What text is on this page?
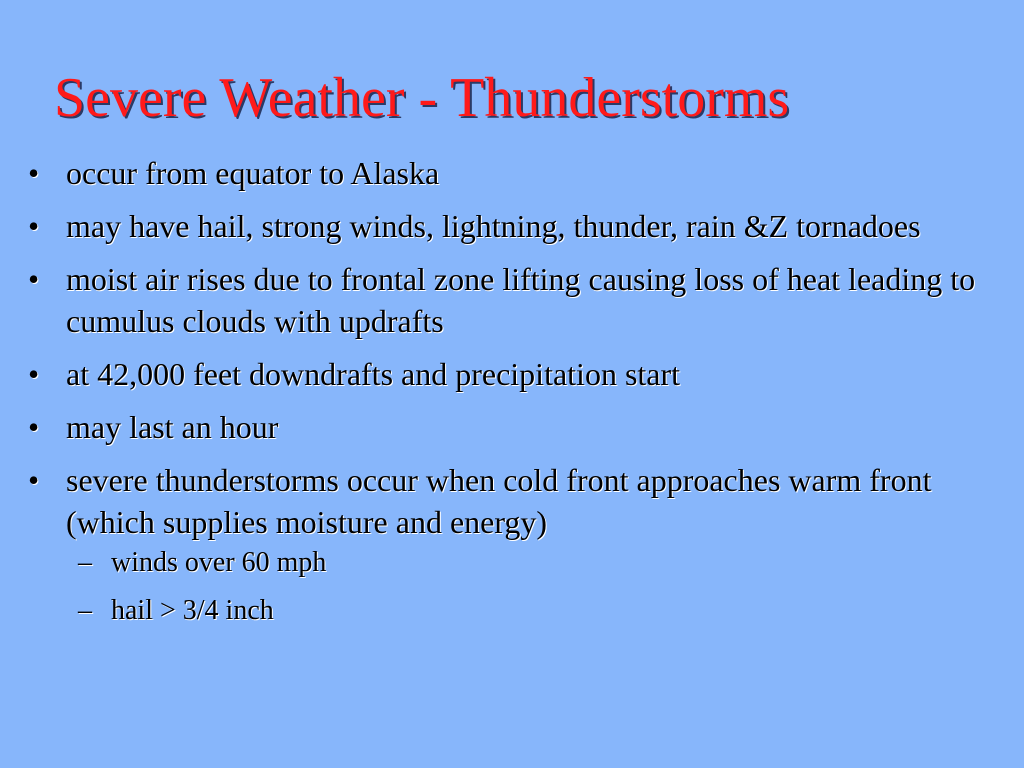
Severe Weather - Thunderstorms
• occur from equator to Alaska
• may have hail, strong winds, lightning, thunder, rain &Z tornadoes
• moist air rises due to frontal zone lifting causing loss of heat leading to cumulus clouds with updrafts
• at 42,000 feet downdrafts and precipitation start
• may last an hour
• severe thunderstorms occur when cold front approaches warm front (which supplies moisture and energy)
– winds over 60 mph
– hail > 3/4 inch
